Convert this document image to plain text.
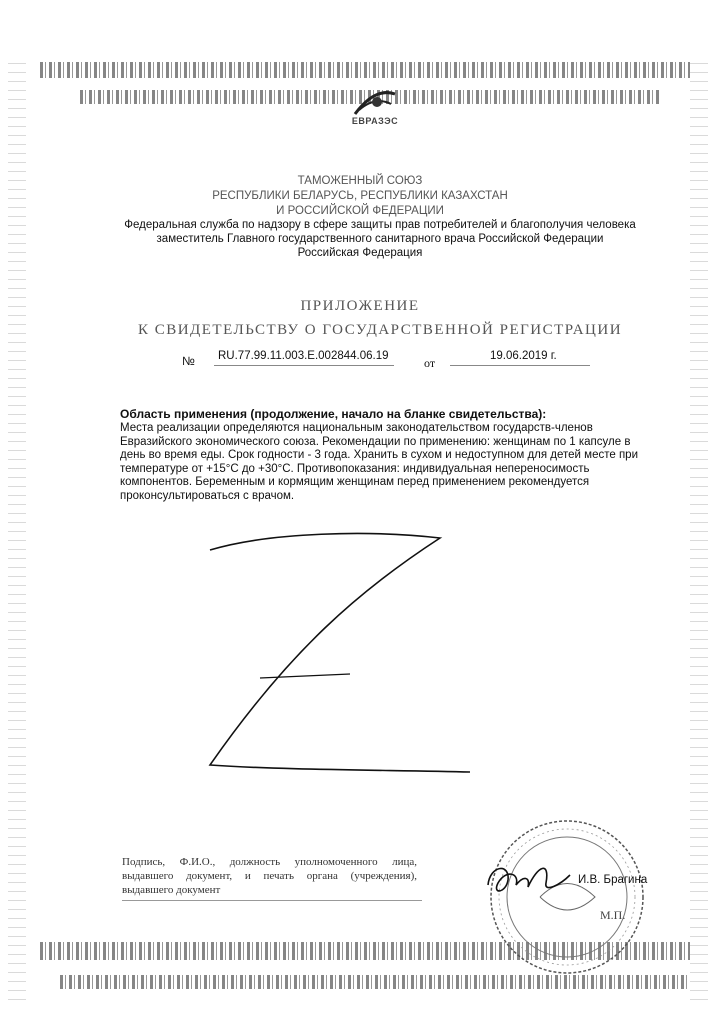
ЕВРАЗЭС
ТАМОЖЕННЫЙ СОЮЗ
РЕСПУБЛИКИ БЕЛАРУСЬ, РЕСПУБЛИКИ КАЗАХСТАН
И РОССИЙСКОЙ ФЕДЕРАЦИИ
Федеральная служба по надзору в сфере защиты прав потребителей и благополучия человека
заместитель Главного государственного санитарного врача Российской Федерации
Российская Федерация
ПРИЛОЖЕНИЕ
К СВИДЕТЕЛЬСТВУ О ГОСУДАРСТВЕННОЙ РЕГИСТРАЦИИ
№ RU.77.99.11.003.Е.002844.06.19	от	19.06.2019 г.
Область применения (продолжение, начало на бланке свидетельства):
Места реализации определяются национальным законодательством государств-членов
Евразийского экономического союза. Рекомендации по применению: женщинам по 1 капсуле в
день во время еды. Срок годности - 3 года. Хранить в сухом и недоступном для детей месте при
температуре от +15°С до +30°С. Противопоказания: индивидуальная непереносимость
компонентов. Беременным и кормящим женщинам перед применением рекомендуется
проконсультироваться с врачом.
Подпись, Ф.И.О., должность уполномоченного лица, выдавшего документ, и печать органа (учреждения), выдавшего документ
И.В. Брагина
М.П.
